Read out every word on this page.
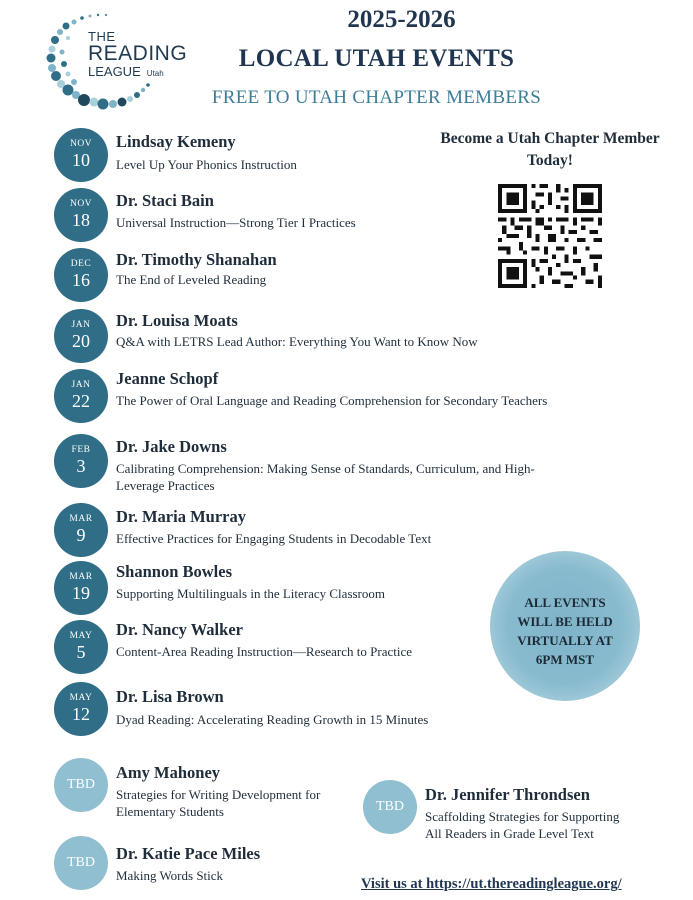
THE
READING
LEAGUE Utah
2025-2026
LOCAL UTAH EVENTS
FREE TO UTAH CHAPTER MEMBERS
NOV
10
Lindsay Kemeny
Level Up Your Phonics Instruction
NOV
18
Dr. Staci Bain
Universal Instruction—Strong Tier I Practices
DEC
16
Dr. Timothy Shanahan
The End of Leveled Reading
JAN
20
Dr. Louisa Moats
Q&A with LETRS Lead Author: Everything You Want to Know Now
JAN
22
Jeanne Schopf
The Power of Oral Language and Reading Comprehension for Secondary Teachers
FEB
3
Dr. Jake Downs
Calibrating Comprehension: Making Sense of Standards, Curriculum, and High-Leverage Practices
MAR
9
Dr. Maria Murray
Effective Practices for Engaging Students in Decodable Text
MAR
19
Shannon Bowles
Supporting Multilinguals in the Literacy Classroom
MAY
5
Dr. Nancy Walker
Content-Area Reading Instruction—Research to Practice
MAY
12
Dr. Lisa Brown
Dyad Reading: Accelerating Reading Growth in 15 Minutes
TBD
Amy Mahoney
Strategies for Writing Development for Elementary Students
TBD	Dr. Katie Pace Miles
Making Words Stick
TBD
Dr. Jennifer Throndsen
Scaffolding Strategies for Supporting All Readers in Grade Level Text
Become a Utah Chapter Member
Today!
ALL EVENTS
WILL BE HELD
VIRTUALLY AT
6PM MST
Visit us at https://ut.thereadingleague.org/
